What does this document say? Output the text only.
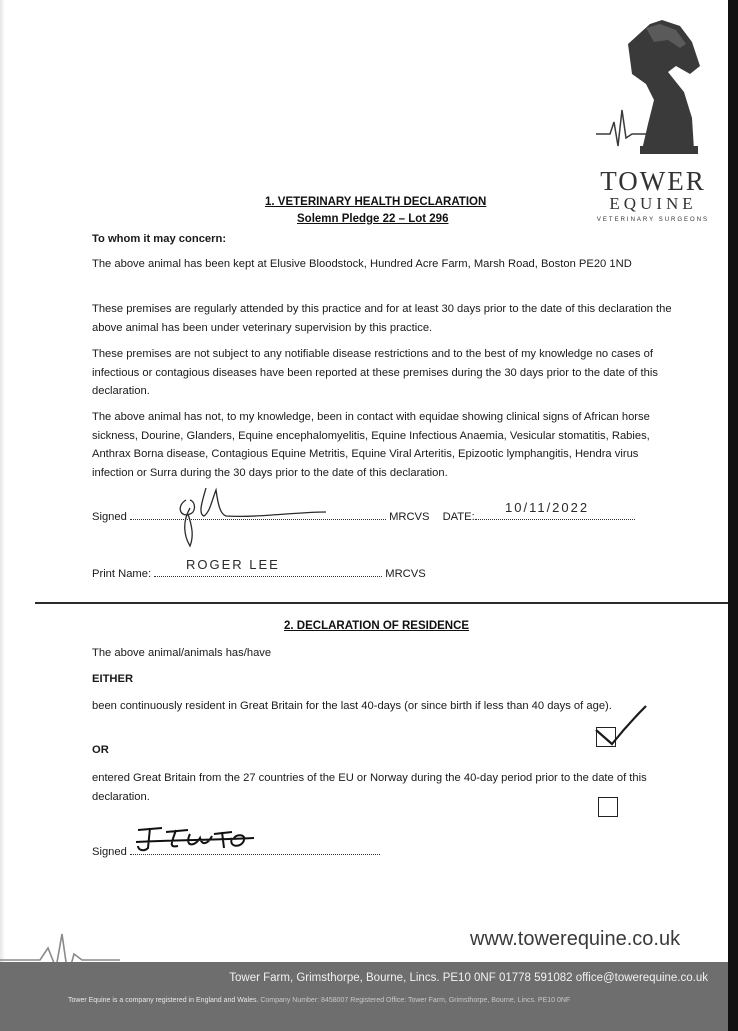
TOWER
EQUINE
VETERINARY SURGEONS
1. VETERINARY HEALTH DECLARATION
Solemn Pledge 22 – Lot 296
To whom it may concern:
The above animal has been kept at Elusive Bloodstock, Hundred Acre Farm, Marsh Road, Boston PE20 1ND
These premises are regularly attended by this practice and for at least 30 days prior to the date of this declaration the above animal has been under veterinary supervision by this practice.
These premises are not subject to any notifiable disease restrictions and to the best of my knowledge no cases of infectious or contagious diseases have been reported at these premises during the 30 days prior to the date of this declaration.
The above animal has not, to my knowledge, been in contact with equidae showing clinical signs of African horse sickness, Dourine, Glanders, Equine encephalomyelitis, Equine Infectious Anaemia, Vesicular stomatitis, Rabies, Anthrax Borna disease, Contagious Equine Metritis, Equine Viral Arteritis, Epizootic lymphangitis, Hendra virus infection or Surra during the 30 days prior to the date of this declaration.
Signed	MRCVS DATE:
10/11/2022
Print Name:	MRCVS
ROGER LEE
2. DECLARATION OF RESIDENCE
The above animal/animals has/have
EITHER
been continuously resident in Great Britain for the last 40-days (or since birth if less than 40 days of age).
OR
entered Great Britain from the 27 countries of the EU or Norway during the 40-day period prior to the date of this declaration.
Signed
www.towerequine.co.uk
Tower Farm, Grimsthorpe, Bourne, Lincs. PE10 0NF 01778 591082 office@towerequine.co.uk
Tower Equine is a company registered in England and Wales. Company Number: 8458007 Registered Office: Tower Farm, Grimsthorpe, Bourne, Lincs. PE10 0NF
